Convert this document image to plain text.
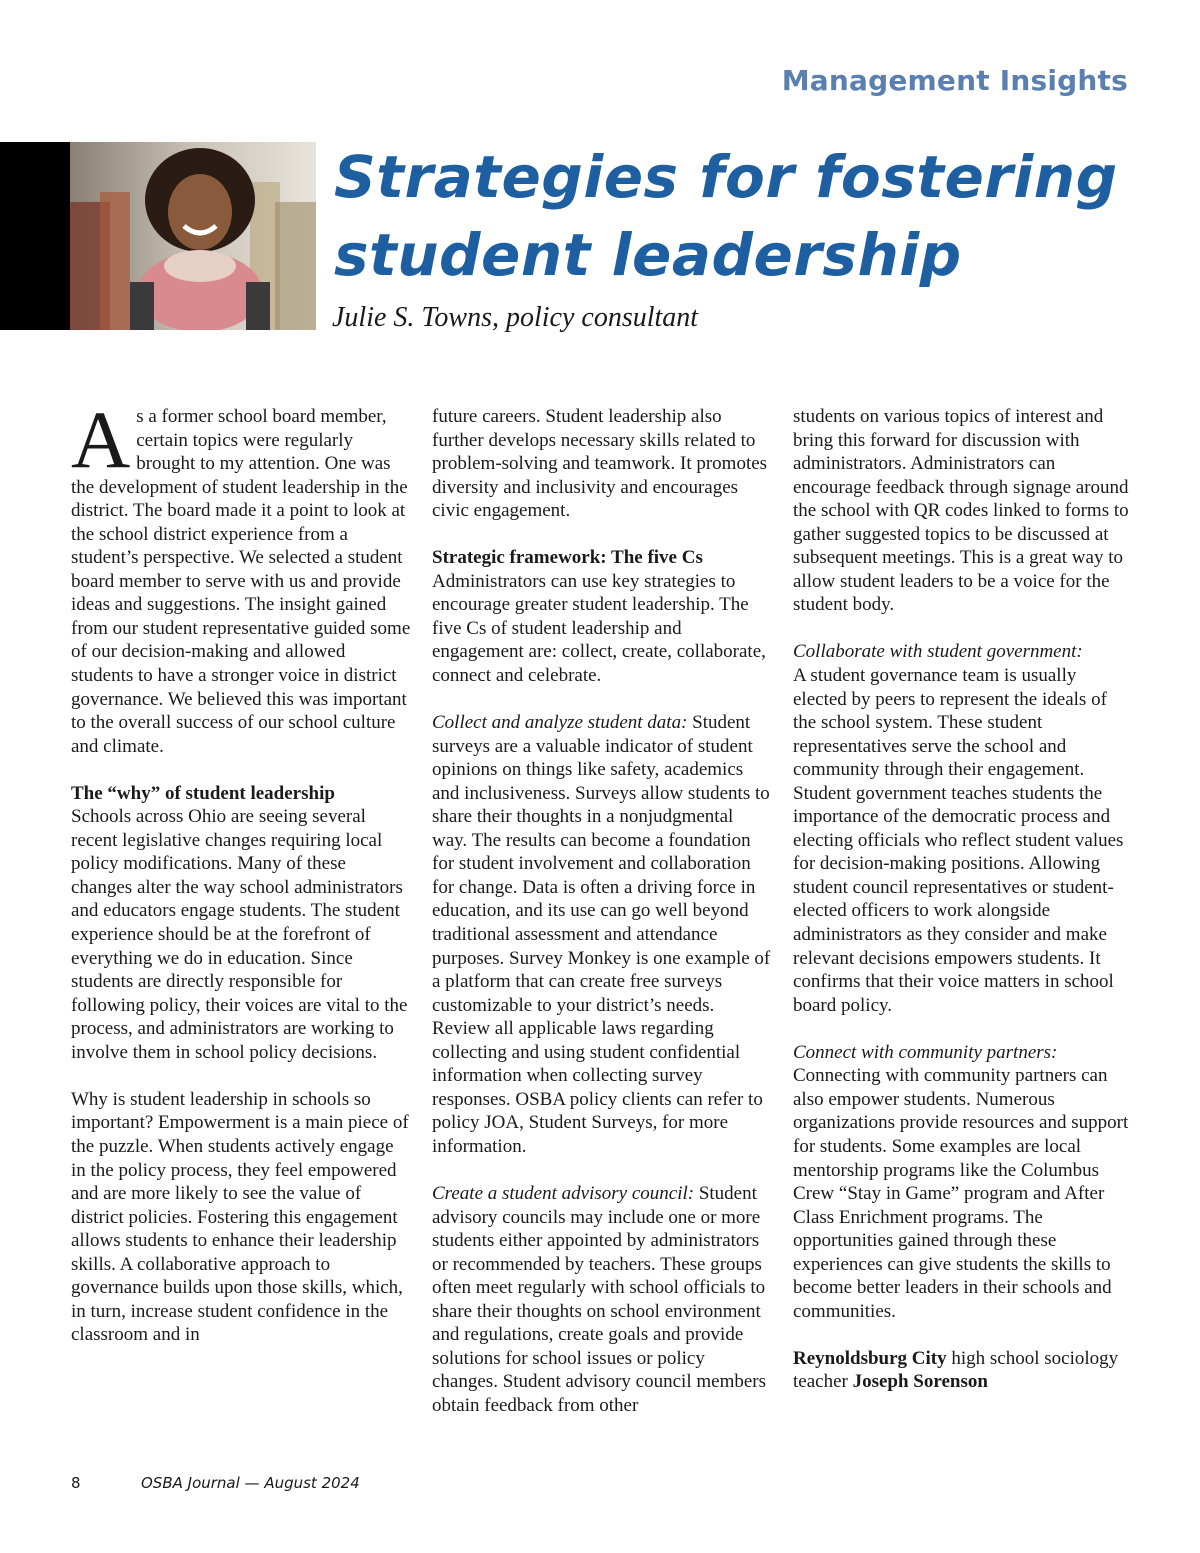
Management Insights
Strategies for fostering
student leadership
Julie S. Towns, policy consultant

As a former school board member, certain topics were regularly brought to my attention. One was the development of student leadership in the district. The board made it a point to look at the school district experience from a student’s perspective. We selected a student board member to serve with us and provide ideas and suggestions. The insight gained from our student representative guided some of our decision-making and allowed students to have a stronger voice in district governance. We believed this was important to the overall success of our school culture and climate.

The “why” of student leadership

Schools across Ohio are seeing several recent legislative changes requiring local policy modifications. Many of these changes alter the way school administrators and educators engage students. The student experience should be at the forefront of everything we do in education. Since students are directly responsible for following policy, their voices are vital to the process, and administrators are working to involve them in school policy decisions.

Why is student leadership in schools so important? Empowerment is a main piece of the puzzle. When students actively engage in the policy process, they feel empowered and are more likely to see the value of district policies. Fostering this engagement allows students to enhance their leadership skills. A collaborative approach to governance builds upon those skills, which, in turn, increase student confidence in the classroom and in

future careers. Student leadership also further develops necessary skills related to problem-solving and teamwork. It promotes diversity and inclusivity and encourages civic engagement.

Strategic framework: The five Cs

Administrators can use key strategies to encourage greater student leadership. The five Cs of student leadership and engagement are: collect, create, collaborate, connect and celebrate.

Collect and analyze student data: Student surveys are a valuable indicator of student opinions on things like safety, academics and inclusiveness. Surveys allow students to share their thoughts in a nonjudgmental way. The results can become a foundation for student involvement and collaboration for change. Data is often a driving force in education, and its use can go well beyond traditional assessment and attendance purposes. Survey Monkey is one example of a platform that can create free surveys customizable to your district’s needs. Review all applicable laws regarding collecting and using student confidential information when collecting survey responses. OSBA policy clients can refer to policy JOA, Student Surveys, for more information.

Create a student advisory council: Student advisory councils may include one or more students either appointed by administrators or recommended by teachers. These groups often meet regularly with school officials to share their thoughts on school environment and regulations, create goals and provide solutions for school issues or policy changes. Student advisory council members obtain feedback from other

students on various topics of interest and bring this forward for discussion with administrators. Administrators can encourage feedback through signage around the school with QR codes linked to forms to gather suggested topics to be discussed at subsequent meetings. This is a great way to allow student leaders to be a voice for the student body.

Collaborate with student government:

A student governance team is usually elected by peers to represent the ideals of the school system. These student representatives serve the school and community through their engagement. Student government teaches students the importance of the democratic process and electing officials who reflect student values for decision-making positions. Allowing student council representatives or student-elected officers to work alongside administrators as they consider and make relevant decisions empowers students. It confirms that their voice matters in school board policy.

Connect with community partners:

Connecting with community partners can also empower students. Numerous organizations provide resources and support for students. Some examples are local mentorship programs like the Columbus Crew “Stay in Game” program and After Class Enrichment programs. The opportunities gained through these experiences can give students the skills to become better leaders in their schools and communities.

Reynoldsburg City high school sociology teacher Joseph Sorenson

8	OSBA Journal — August 2024
